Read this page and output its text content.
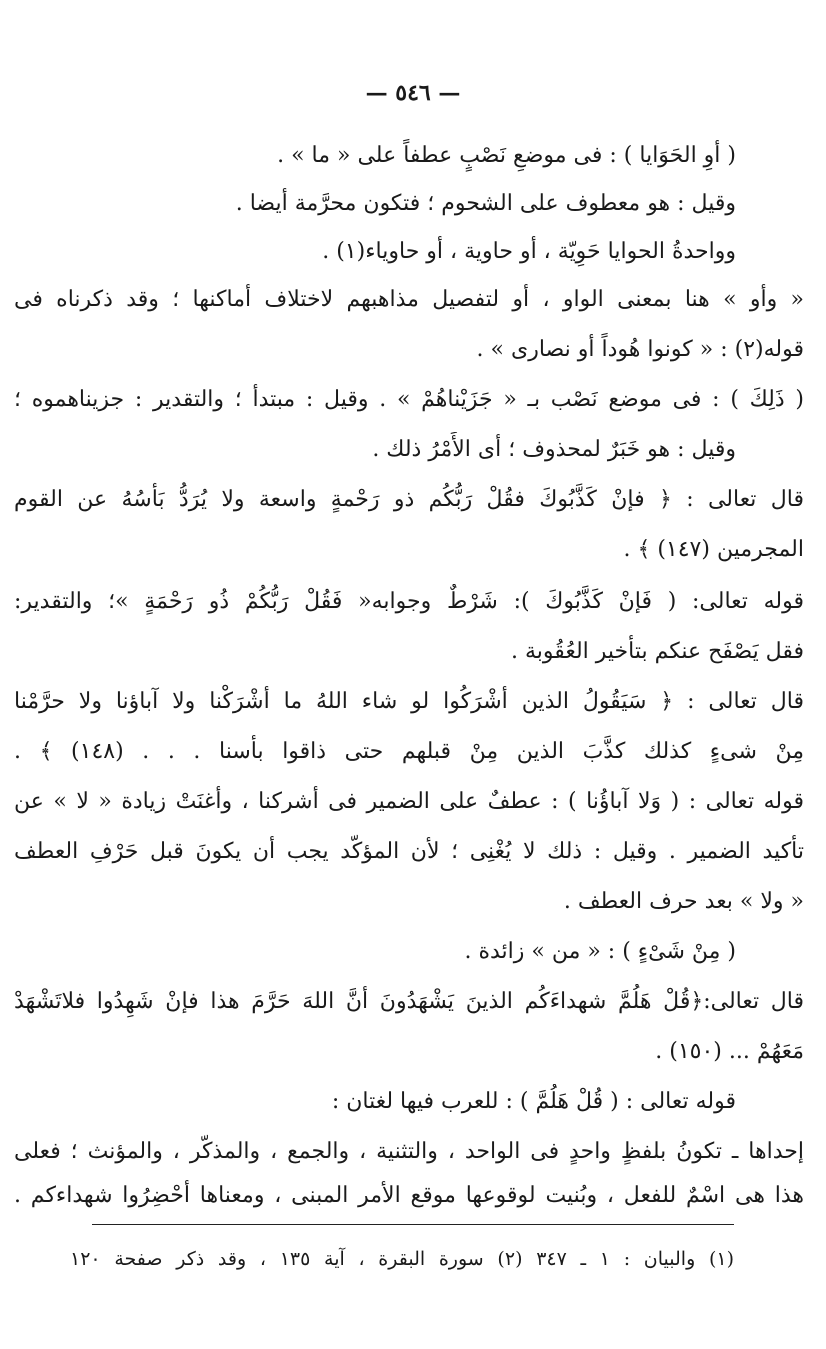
— ٥٤٦ —
( أوِ الحَوَايا ) : فى موضعِ نَصْبٍ عطفاً على « ما » .
وقيل : هو معطوف على الشحوم ؛ فتكون محرَّمة أيضا .
وواحدةُ الحوايا حَوِيّة ، أو حاوية ، أو حاوياء(١) .
« وأو » هنا بمعنى الواو ، أو لتفصيل مذاهبهم لاختلاف أماكنها ؛ وقد ذكرناه فى
قوله(٢) : « كونوا هُوداً أو نصارى » .
( ذَلِكَ ) : فى موضع نَصْب بـ « جَزَيْناهُمْ » . وقيل : مبتدأ ؛ والتقدير : جزيناهموه ؛
وقيل : هو خَبَرٌ لمحذوف ؛ أى الأَمْرُ ذلك .
قال تعالى : ﴿ فإنْ كَذَّبُوكَ فقُلْ رَبُّكُم ذو رَحْمةٍ واسعة ولا يُرَدُّ بَأْسُهُ عن القوم
المجرمين (١٤٧) ﴾ .
قوله تعالى: ( فَإنْ كَذَّبُوكَ ): شَرْطٌ وجوابه« فَقُلْ رَبُّكُمْ ذُو رَحْمَةٍ »؛ والتقدير:
فقل يَصْفَح عنكم بتأخير العُقُوبة .
قال تعالى : ﴿ سَيَقُولُ الذين أشْرَكُوا لو شاء اللهُ ما أشْرَكْنا ولا آباؤنا ولا حرَّمْنا
مِنْ شىءٍ كذلك كذَّبَ الذين مِنْ قبلهم حتى ذاقوا بأسنا . . . (١٤٨) ﴾ .
قوله تعالى : ( وَلا آباؤُنا ) : عطفٌ على الضمير فى أشركنا ، وأغنَتْ زيادة « لا » عن
تأكيد الضمير . وقيل : ذلك لا يُغْنِى ؛ لأن المؤكّد يجب أن يكونَ قبل حَرْفِ العطف
« ولا » بعد حرف العطف .
( مِنْ شَىْءٍ ) : « من » زائدة .
قال تعالى:﴿قُلْ هَلُمَّ شهداءَكُم الذينَ يَشْهَدُونَ أنَّ اللهَ حَرَّمَ هذا فإنْ شَهِدُوا فلاتَشْهَدْ
مَعَهُمْ ... (١٥٠) .
قوله تعالى : ( قُلْ هَلُمَّ ) : للعرب فيها لغتان :
إحداها ـ تكونُ بلفظٍ واحدٍ فى الواحد ، والتثنية ، والجمع ، والمذكّر ، والمؤنث ؛ فعلى
هذا هى اسْمٌ للفعل ، وبُنيت لوقوعها موقع الأمر المبنى ، ومعناها أحْضِرُوا شهداءكم .
(١) والبيان : ١ ـ ٣٤٧ (٢) سورة البقرة ، آية ١٣٥ ، وقد ذكر صفحة ١٢٠
